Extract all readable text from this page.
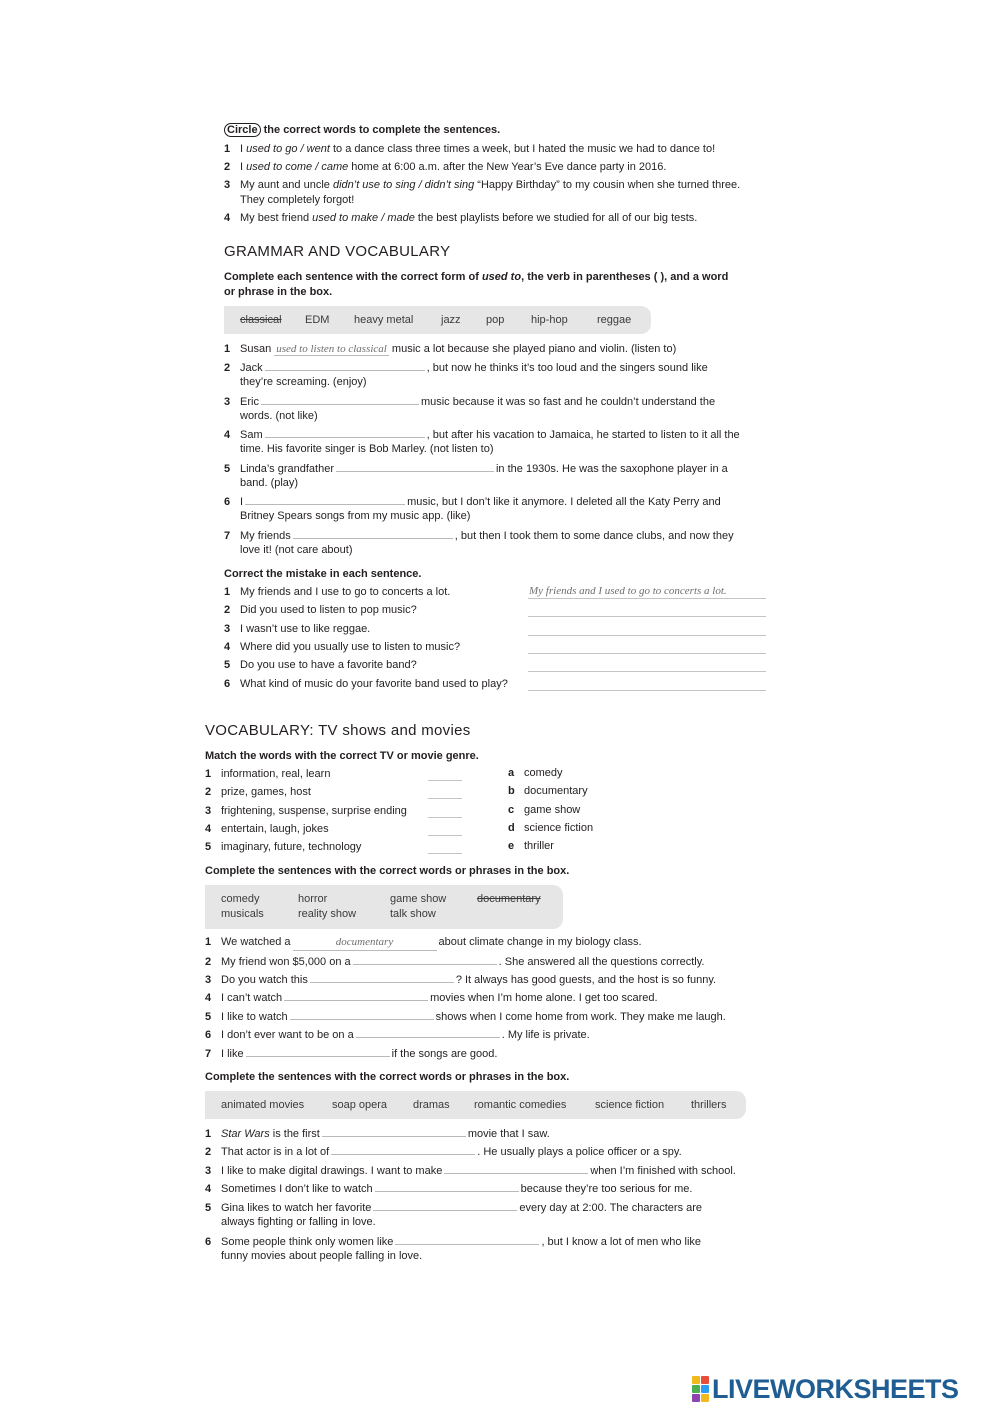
Circle the correct words to complete the sentences.
1 I used to go / went to a dance class three times a week, but I hated the music we had to dance to!
2 I used to come / came home at 6:00 a.m. after the New Year’s Eve dance party in 2016.
3 My aunt and uncle didn’t use to sing / didn’t sing “Happy Birthday” to my cousin when she turned three.
They completely forgot!
4 My best friend used to make / made the best playlists before we studied for all of our big tests.
GRAMMAR AND VOCABULARY
Complete each sentence with the correct form of used to, the verb in parentheses ( ), and a word
or phrase in the box.
classical EDM heavy metal	jazz pop hip-hop	reggae
1 Susan used to listen to classical music a lot because she played piano and violin. (listen to)
2 Jack	, but now he thinks it’s too loud and the singers sound like
they’re screaming. (enjoy)
3 Eric	music because it was so fast and he couldn’t understand the
words. (not like)
4 Sam	, but after his vacation to Jamaica, he started to listen to it all the
time. His favorite singer is Bob Marley. (not listen to)
5 Linda’s grandfather	in the 1930s. He was the saxophone player in a
band. (play)
6 I	music, but I don’t like it anymore. I deleted all the Katy Perry and
Britney Spears songs from my music app. (like)
7 My friends	, but then I took them to some dance clubs, and now they
love it! (not care about)
Correct the mistake in each sentence.
1 My friends and I use to go to concerts a lot.	My friends and I used to go to concerts a lot.
2 Did you used to listen to pop music?
3 I wasn’t use to like reggae.
4 Where did you usually use to listen to music?
5 Do you use to have a favorite band?
6 What kind of music do your favorite band used to play?
VOCABULARY: TV shows and movies
Match the words with the correct TV or movie genre.
1 information, real, learn	a comedy
2 prize, games, host	b documentary
3 frightening, suspense, surprise ending	c game show
4 entertain, laugh, jokes	d science fiction
5 imaginary, future, technology	e thriller
Complete the sentences with the correct words or phrases in the box.
comedy	horror	game show	documentary
musicals	reality show	talk show
1 We watched a	documentary	about climate change in my biology class.
2 My friend won $5,000 on a	. She answered all the questions correctly.
3 Do you watch this	? It always has good guests, and the host is so funny.
4 I can’t watch	movies when I’m home alone. I get too scared.
5 I like to watch	shows when I come home from work. They make me laugh.
6 I don’t ever want to be on a	. My life is private.
7 I like	if the songs are good.
Complete the sentences with the correct words or phrases in the box.
animated movies	soap opera dramas romantic comedies	science fiction thrillers
1 Star Wars is the first	movie that I saw.
2 That actor is in a lot of	. He usually plays a police officer or a spy.
3 I like to make digital drawings. I want to make	when I’m finished with school.
4 Sometimes I don’t like to watch	because they’re too serious for me.
5 Gina likes to watch her favorite	every day at 2:00. The characters are
always fighting or falling in love.
6 Some people think only women like	, but I know a lot of men who like
funny movies about people falling in love.
LIVEWORKSHEETS
